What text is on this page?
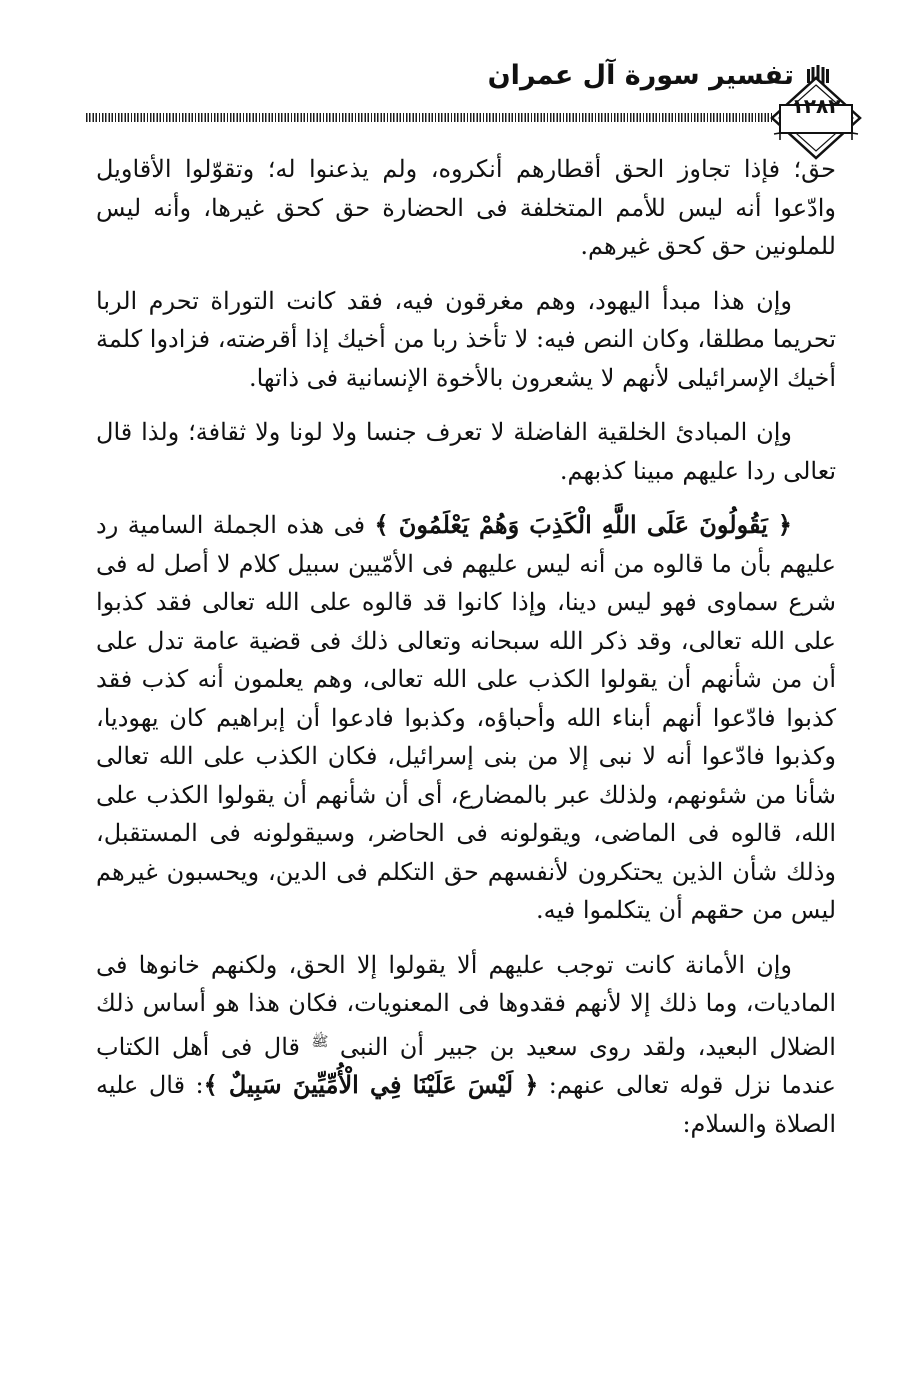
تفسير سورة آل عمران
١٢٨٢

حق؛ فإذا تجاوز الحق أقطارهم أنكروه، ولم يذعنوا له؛ وتقوّلوا الأقاويل وادّعوا أنه ليس للأمم المتخلفة فى الحضارة حق كحق غيرها، وأنه ليس للملونين حق كحق غيرهم.

وإن هذا مبدأ اليهود، وهم مغرقون فيه، فقد كانت التوراة تحرم الربا تحريما مطلقا، وكان النص فيه: لا تأخذ ربا من أخيك إذا أقرضته، فزادوا كلمة أخيك الإسرائيلى لأنهم لا يشعرون بالأخوة الإنسانية فى ذاتها.

وإن المبادئ الخلقية الفاضلة لا تعرف جنسا ولا لونا ولا ثقافة؛ ولذا قال تعالى ردا عليهم مبينا كذبهم.

﴿ يَقُولُونَ عَلَى اللَّهِ الْكَذِبَ وَهُمْ يَعْلَمُونَ ﴾ فى هذه الجملة السامية رد عليهم بأن ما قالوه من أنه ليس عليهم فى الأمّيين سبيل كلام لا أصل له فى شرع سماوى فهو ليس دينا، وإذا كانوا قد قالوه على الله تعالى فقد كذبوا على الله تعالى، وقد ذكر الله سبحانه وتعالى ذلك فى قضية عامة تدل على أن من شأنهم أن يقولوا الكذب على الله تعالى، وهم يعلمون أنه كذب فقد كذبوا فادّعوا أنهم أبناء الله وأحباؤه، وكذبوا فادعوا أن إبراهيم كان يهوديا، وكذبوا فادّعوا أنه لا نبى إلا من بنى إسرائيل، فكان الكذب على الله تعالى شأنا من شئونهم، ولذلك عبر بالمضارع، أى أن شأنهم أن يقولوا الكذب على الله، قالوه فى الماضى، ويقولونه فى الحاضر، وسيقولونه فى المستقبل، وذلك شأن الذين يحتكرون لأنفسهم حق التكلم فى الدين، ويحسبون غيرهم ليس من حقهم أن يتكلموا فيه.

وإن الأمانة كانت توجب عليهم ألا يقولوا إلا الحق، ولكنهم خانوها فى الماديات، وما ذلك إلا لأنهم فقدوها فى المعنويات، فكان هذا هو أساس ذلك الضلال البعيد، ولقد روى سعيد بن جبير أن النبى $^ﷺ$ قال فى أهل الكتاب عندما نزل قوله تعالى عنهم: ﴿ لَيْسَ عَلَيْنَا فِي الْأُمِّيِّينَ سَبِيلٌ ﴾: قال عليه الصلاة والسلام:
